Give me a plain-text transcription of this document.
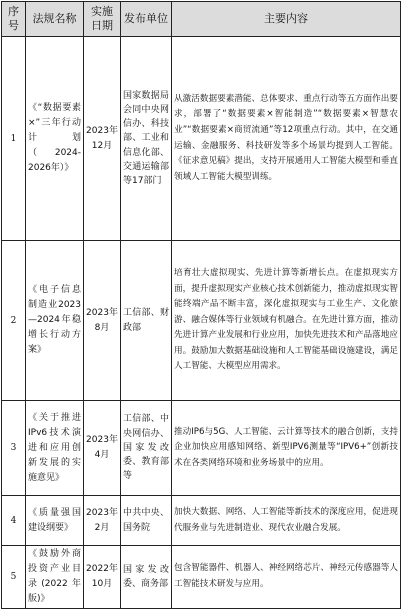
序号	法规名称	实施日期	发布单位	主要内容
1	《“数据要素×”三年行动计划（2024-2026年）》	2023年12月	国家数据局会同中央网信办、科技部、工业和信息化部、交通运输部等17部门	从激活数据要素潜能、总体要求、重点行动等五方面作出要求，部署了“数据要素×智能制造”“数据要素×智慧农业”“数据要素×商贸流通”等12项重点行动。其中，在交通运输、金融服务、科技研发等多个场景均提到人工智能。《征求意见稿》提出，支持开展通用人工智能大模型和垂直领域人工智能大模型训练。
2	《电子信息制造业2023—2024年稳增长行动方案》	2023年8月	工信部、财政部	培育壮大虚拟现实、先进计算等新增长点。在虚拟现实方面，提升虚拟现实产业核心技术创新能力，推动虚拟现实智能终端产品不断丰富，深化虚拟现实与工业生产、文化旅游、融合媒体等行业领域有机融合。在先进计算方面，推动先进计算产业发展和行业应用，加快先进技术和产品落地应用。鼓励加大数据基础设施和人工智能基础设施建设，满足人工智能、大模型应用需求。
3	《关于推进IPv6技术演进和应用创新发展的实施意见》	2023年4月	工信部、中央网信办、国家发改委、教育部等	推动IP6与5G、人工智能、云计算等技术的融合创新，支持企业加快应用感知网络、新型IPV6测量等“IPV6+”创新技术在各类网络环境和业务场景中的应用。
4	《质量强国建设纲要》	2023年2月	中共中央、国务院	加快大数据、网络、人工智能等新技术的深度应用，促进现代服务业与先进制造业、现代农业融合发展。
5	《鼓励外商投资产业目录(2022年版)》	2022年10月	国家发改委、商务部	包含智能器件、机器人、神经网络芯片、神经元传感器等人工智能技术研发与应用。
